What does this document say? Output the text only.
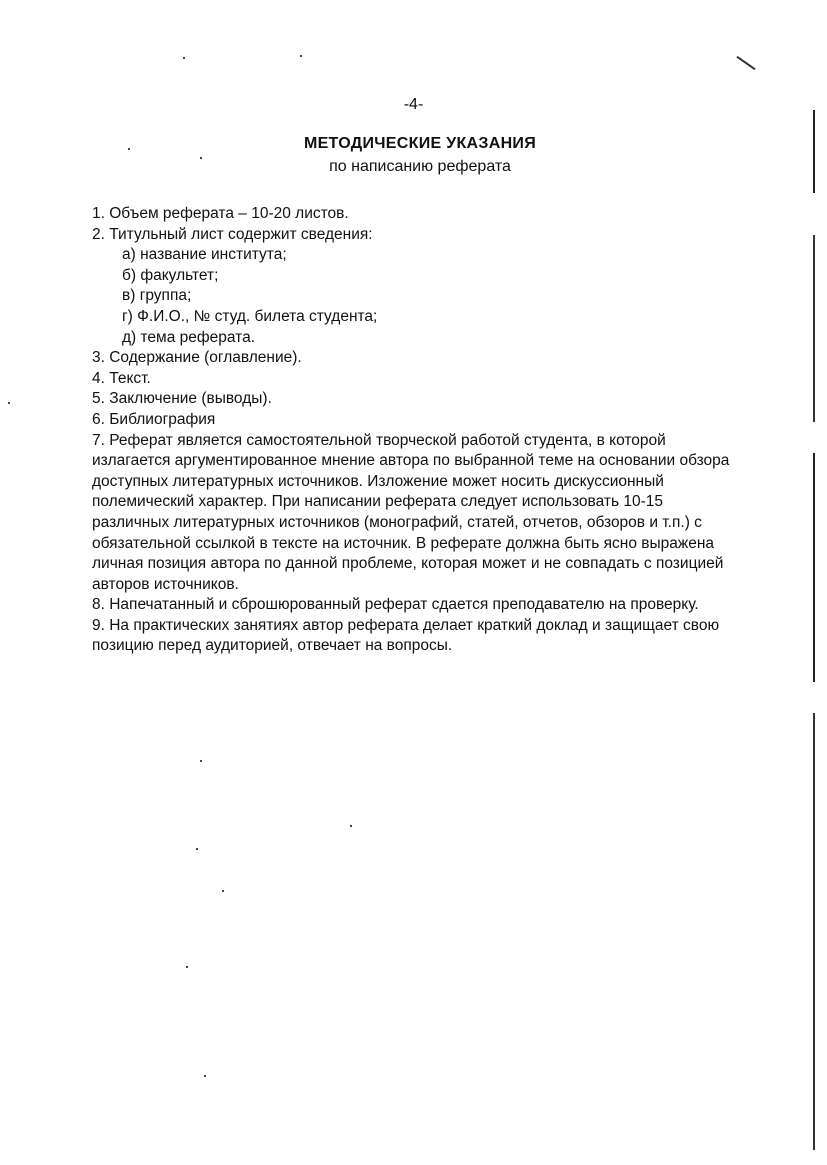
-4-
МЕТОДИЧЕСКИЕ УКАЗАНИЯ
по написанию реферата
1. Объем реферата – 10-20 листов.
2. Титульный лист содержит сведения:
а) название института;
б) факультет;
в) группа;
г) Ф.И.О., № студ. билета студента;
д) тема реферата.
3. Содержание (оглавление).
4. Текст.
5. Заключение (выводы).
6. Библиография
7. Реферат является самостоятельной творческой работой студента, в которой излагается аргументированное мнение автора по выбранной теме на основании обзора доступных литературных источников. Изложение может носить дискуссионный полемический характер. При написании реферата следует использовать 10-15 различных литературных источников (монографий, статей, отчетов, обзоров и т.п.) с обязательной ссылкой в тексте на источник. В реферате должна быть ясно выражена личная позиция автора по данной проблеме, которая может и не совпадать с позицией авторов источников.
8. Напечатанный и сброшюрованный реферат сдается преподавателю на проверку.
9. На практических занятиях автор реферата делает краткий доклад и защищает свою позицию перед аудиторией, отвечает на вопросы.
